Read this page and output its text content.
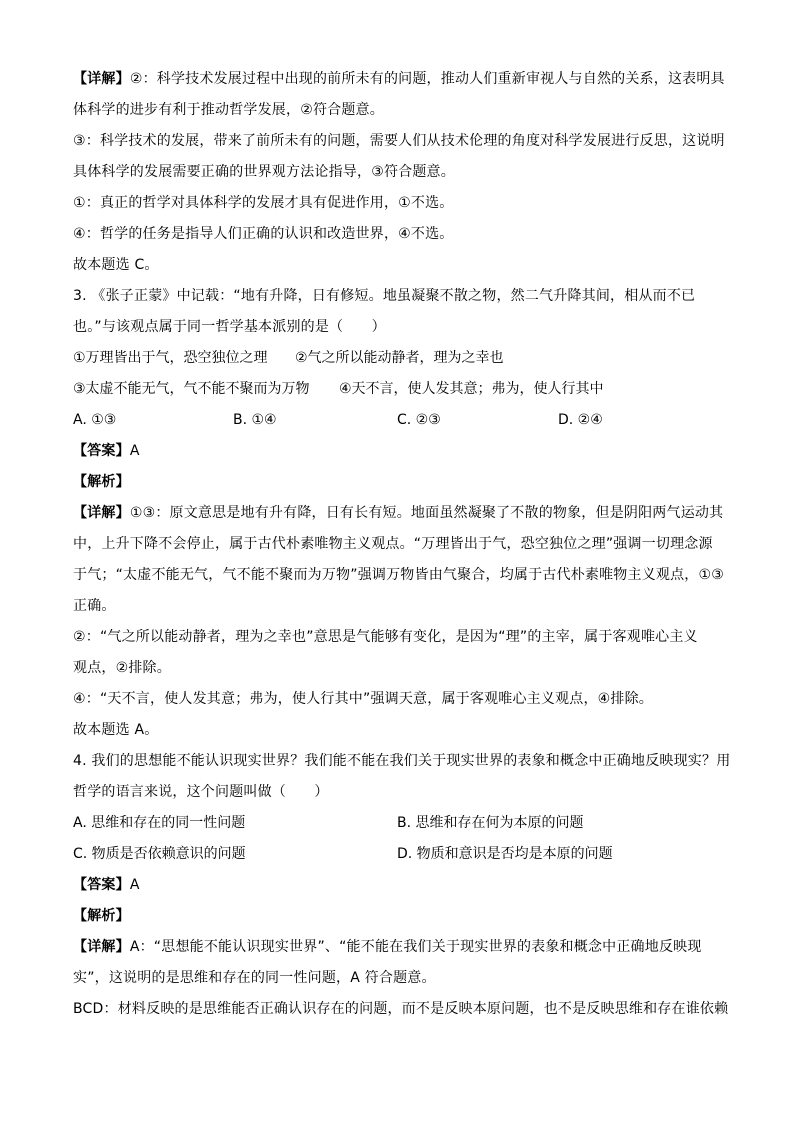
【详解】②：科学技术发展过程中出现的前所未有的问题，推动人们重新审视人与自然的关系，这表明具
体科学的进步有利于推动哲学发展，②符合题意。
③：科学技术的发展，带来了前所未有的问题，需要人们从技术伦理的角度对科学发展进行反思，这说明
具体科学的发展需要正确的世界观方法论指导，③符合题意。
①：真正的哲学对具体科学的发展才具有促进作用，①不选。
④：哲学的任务是指导人们正确的认识和改造世界，④不选。
故本题选 C。
3. 《张子正蒙》中记载：“地有升降，日有修短。地虽凝聚不散之物，然二气升降其间，相从而不已
也。”与该观点属于同一哲学基本派别的是（　　）
①万理皆出于气，恐空独位之理 ②气之所以能动静者，理为之幸也
③太虚不能无气，气不能不聚而为万物 ④天不言，使人发其意；弗为，使人行其中
A. ①③	B. ①④	C. ②③	D. ②④
【答案】A
【解析】
【详解】①③：原文意思是地有升有降，日有长有短。地面虽然凝聚了不散的物象，但是阴阳两气运动其
中，上升下降不会停止，属于古代朴素唯物主义观点。“万理皆出于气，恐空独位之理”强调一切理念源
于气；“太虚不能无气，气不能不聚而为万物”强调万物皆由气聚合，均属于古代朴素唯物主义观点，①③
正确。
②：“气之所以能动静者，理为之幸也”意思是气能够有变化，是因为“理”的主宰，属于客观唯心主义
观点，②排除。
④：“天不言，使人发其意；弗为，使人行其中”强调天意，属于客观唯心主义观点，④排除。
故本题选 A。
4. 我们的思想能不能认识现实世界？我们能不能在我们关于现实世界的表象和概念中正确地反映现实？用
哲学的语言来说，这个问题叫做（　　）
A. 思维和存在的同一性问题	B. 思维和存在何为本原的问题
C. 物质是否依赖意识的问题	D. 物质和意识是否均是本原的问题
【答案】A
【解析】
【详解】A：“思想能不能认识现实世界”、“能不能在我们关于现实世界的表象和概念中正确地反映现
实”，这说明的是思维和存在的同一性问题，A 符合题意。
BCD：材料反映的是思维能否正确认识存在的问题，而不是反映本原问题，也不是反映思维和存在谁依赖
